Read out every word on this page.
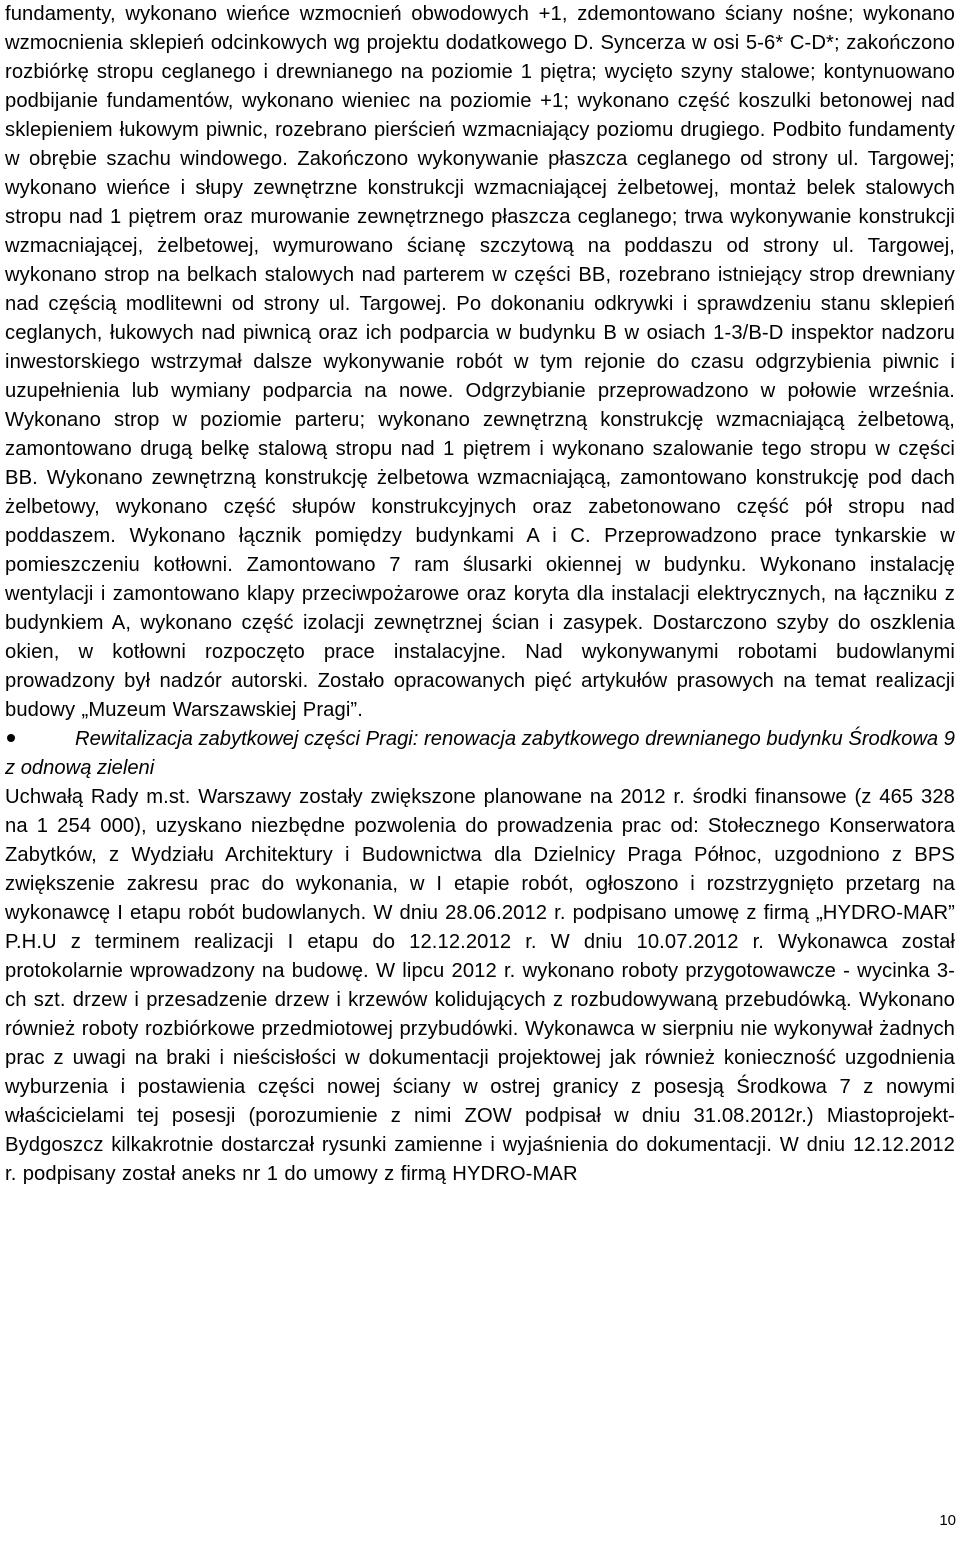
fundamenty, wykonano wieńce wzmocnień obwodowych +1, zdemontowano ściany nośne; wykonano wzmocnienia sklepień odcinkowych wg projektu dodatkowego D. Syncerza w osi 5-6* C-D*; zakończono rozbiórkę stropu ceglanego i drewnianego na poziomie 1 piętra; wycięto szyny stalowe; kontynuowano podbijanie fundamentów, wykonano wieniec na poziomie +1; wykonano część koszulki betonowej nad sklepieniem łukowym piwnic, rozebrano pierścień wzmacniający poziomu drugiego. Podbito fundamenty w obrębie szachu windowego. Zakończono wykonywanie płaszcza ceglanego od strony ul. Targowej; wykonano wieńce i słupy zewnętrzne konstrukcji wzmacniającej żelbetowej, montaż belek stalowych stropu nad 1 piętrem oraz murowanie zewnętrznego płaszcza ceglanego; trwa wykonywanie konstrukcji wzmacniającej, żelbetowej, wymurowano ścianę szczytową na poddaszu od strony ul. Targowej, wykonano strop na belkach stalowych nad parterem w części BB, rozebrano istniejący strop drewniany nad częścią modlitewni od strony ul. Targowej. Po dokonaniu odkrywki i sprawdzeniu stanu sklepień ceglanych, łukowych nad piwnicą oraz ich podparcia w budynku B w osiach 1-3/B-D inspektor nadzoru inwestorskiego wstrzymał dalsze wykonywanie robót w tym rejonie do czasu odgrzybienia piwnic i uzupełnienia lub wymiany podparcia na nowe. Odgrzybianie przeprowadzono w połowie września. Wykonano strop w poziomie parteru; wykonano zewnętrzną konstrukcję wzmacniającą żelbetową, zamontowano drugą belkę stalową stropu nad 1 piętrem i wykonano szalowanie tego stropu w części BB. Wykonano zewnętrzną konstrukcję żelbetowa wzmacniającą, zamontowano konstrukcję pod dach żelbetowy, wykonano część słupów konstrukcyjnych oraz zabetonowano część pół stropu nad poddaszem. Wykonano łącznik pomiędzy budynkami A i C. Przeprowadzono prace tynkarskie w pomieszczeniu kotłowni. Zamontowano 7 ram ślusarki okiennej w budynku. Wykonano instalację wentylacji i zamontowano klapy przeciwpożarowe oraz koryta dla instalacji elektrycznych, na łączniku z budynkiem A, wykonano część izolacji zewnętrznej ścian i zasypek. Dostarczono szyby do oszklenia okien, w kotłowni rozpoczęto prace instalacyjne. Nad wykonywanymi robotami budowlanymi prowadzony był nadzór autorski. Zostało opracowanych pięć artykułów prasowych na temat realizacji budowy „Muzeum Warszawskiej Pragi”.

Rewitalizacja zabytkowej części Pragi: renowacja zabytkowego drewnianego budynku Środkowa 9 z odnową zieleni

Uchwałą Rady m.st. Warszawy zostały zwiększone planowane na 2012 r. środki finansowe (z 465 328 na 1 254 000), uzyskano niezbędne pozwolenia do prowadzenia prac od: Stołecznego Konserwatora Zabytków, z Wydziału Architektury i Budownictwa dla Dzielnicy Praga Północ, uzgodniono z BPS zwiększenie zakresu prac do wykonania, w I etapie robót, ogłoszono i rozstrzygnięto przetarg na wykonawcę I etapu robót budowlanych. W dniu 28.06.2012 r. podpisano umowę z firmą „HYDRO-MAR” P.H.U z terminem realizacji I etapu do 12.12.2012 r. W dniu 10.07.2012 r. Wykonawca został protokolarnie wprowadzony na budowę. W lipcu 2012 r. wykonano roboty przygotowawcze - wycinka 3-ch szt. drzew i przesadzenie drzew i krzewów kolidujących z rozbudowywaną przebudówką. Wykonano również roboty rozbiórkowe przedmiotowej przybudówki. Wykonawca w sierpniu nie wykonywał żadnych prac z uwagi na braki i nieścisłości w dokumentacji projektowej jak również konieczność uzgodnienia wyburzenia i postawienia części nowej ściany w ostrej granicy z posesją Środkowa 7 z nowymi właścicielami tej posesji (porozumienie z nimi ZOW podpisał w dniu 31.08.2012r.) Miastoprojekt-Bydgoszcz kilkakrotnie dostarczał rysunki zamienne i wyjaśnienia do dokumentacji. W dniu 12.12.2012 r. podpisany został aneks nr 1 do umowy z firmą HYDRO-MAR

10
